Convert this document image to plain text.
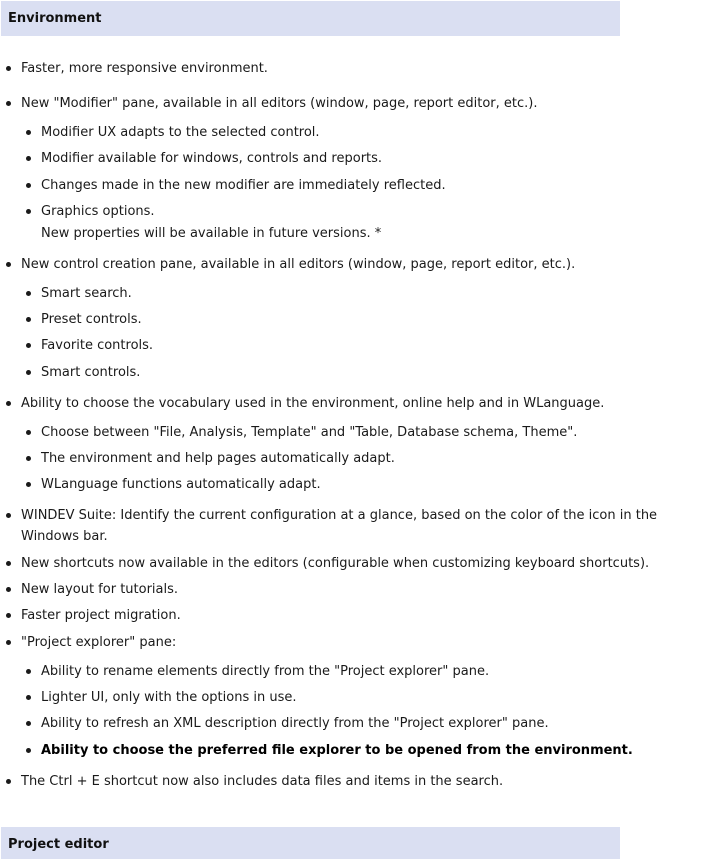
Environment
Faster, more responsive environment.
New "Modifier" pane, available in all editors (window, page, report editor, etc.).
Modifier UX adapts to the selected control.
Modifier available for windows, controls and reports.
Changes made in the new modifier are immediately reflected.
Graphics options.
New properties will be available in future versions. *
New control creation pane, available in all editors (window, page, report editor, etc.).
Smart search.
Preset controls.
Favorite controls.
Smart controls.
Ability to choose the vocabulary used in the environment, online help and in WLanguage.
Choose between "File, Analysis, Template" and "Table, Database schema, Theme".
The environment and help pages automatically adapt.
WLanguage functions automatically adapt.
WINDEV Suite: Identify the current configuration at a glance, based on the color of the icon in the Windows bar.
New shortcuts now available in the editors (configurable when customizing keyboard shortcuts).
New layout for tutorials.
Faster project migration.
"Project explorer" pane:
Ability to rename elements directly from the "Project explorer" pane.
Lighter UI, only with the options in use.
Ability to refresh an XML description directly from the "Project explorer" pane.
Ability to choose the preferred file explorer to be opened from the environment.
The Ctrl + E shortcut now also includes data files and items in the search.
Project editor
